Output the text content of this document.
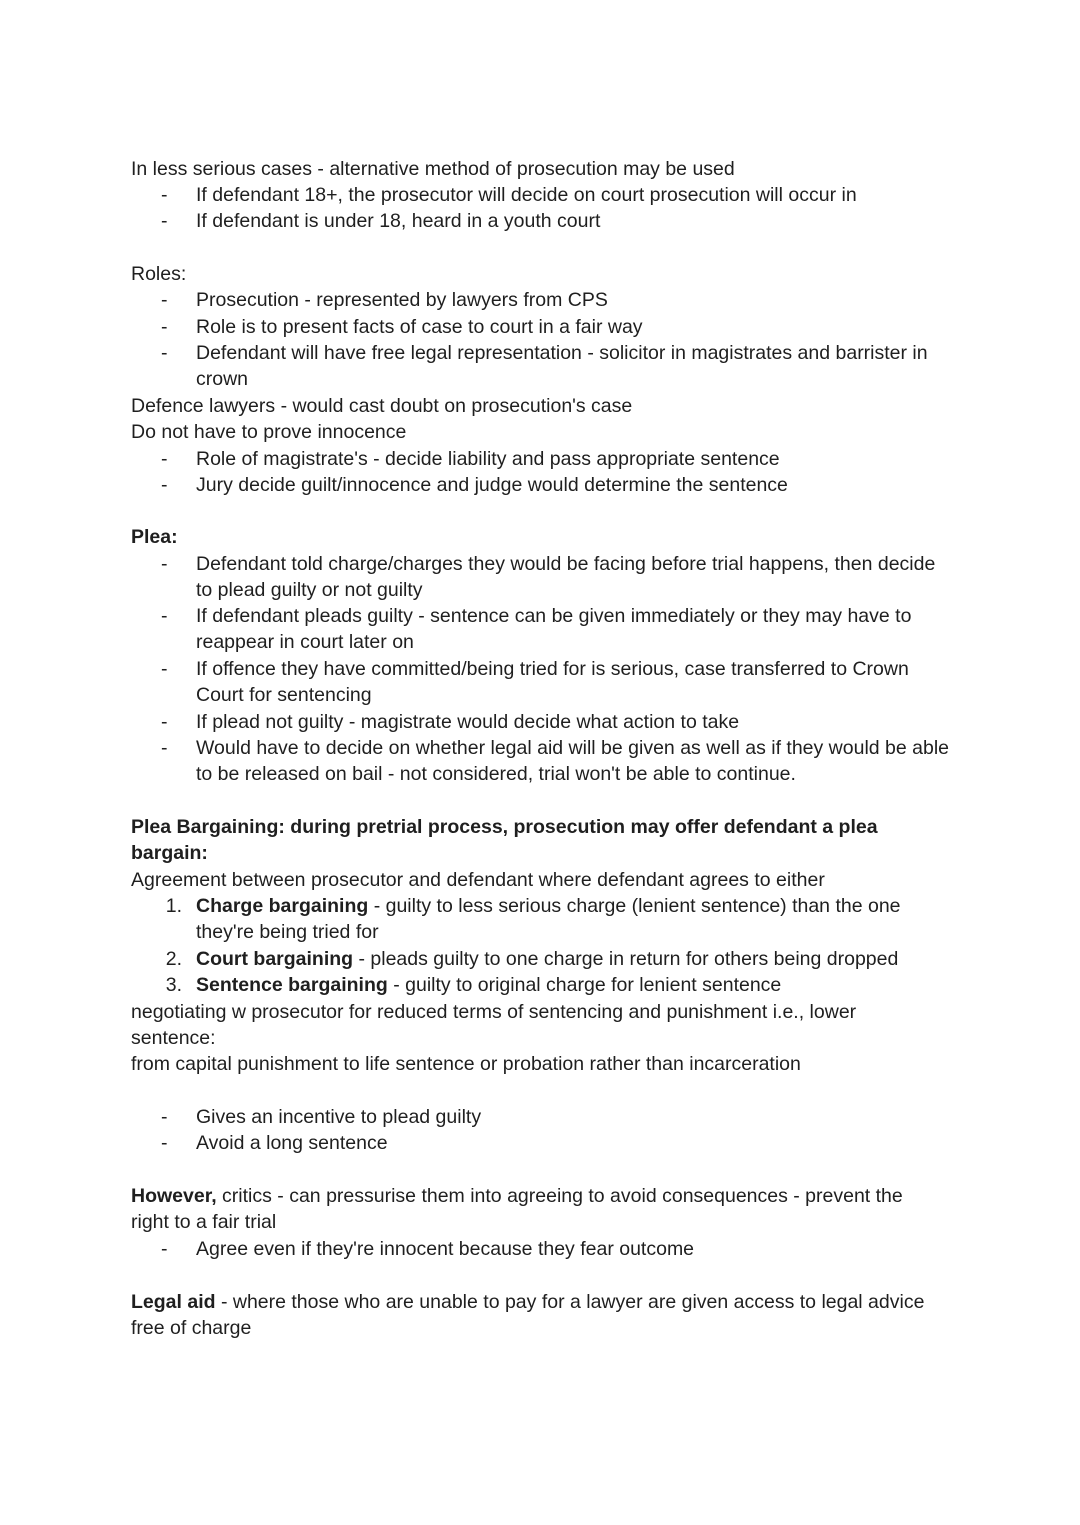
In less serious cases - alternative method of prosecution may be used

- If defendant 18+, the prosecutor will decide on court prosecution will occur in

- If defendant is under 18, heard in a youth court

Roles:

- Prosecution - represented by lawyers from CPS

- Role is to present facts of case to court in a fair way

- Defendant will have free legal representation - solicitor in magistrates and barrister in crown

Defence lawyers - would cast doubt on prosecution's case

Do not have to prove innocence

- Role of magistrate's - decide liability and pass appropriate sentence

- Jury decide guilt/innocence and judge would determine the sentence

Plea:

- Defendant told charge/charges they would be facing before trial happens, then decide to plead guilty or not guilty

- If defendant pleads guilty - sentence can be given immediately or they may have to reappear in court later on

- If offence they have committed/being tried for is serious, case transferred to Crown Court for sentencing

- If plead not guilty - magistrate would decide what action to take

- Would have to decide on whether legal aid will be given as well as if they would be able to be released on bail - not considered, trial won't be able to continue.

Plea Bargaining: during pretrial process, prosecution may offer defendant a plea bargain:

Agreement between prosecutor and defendant where defendant agrees to either

1. Charge bargaining - guilty to less serious charge (lenient sentence) than the one they're being tried for

2. Court bargaining - pleads guilty to one charge in return for others being dropped

3. Sentence bargaining - guilty to original charge for lenient sentence

negotiating w prosecutor for reduced terms of sentencing and punishment i.e., lower sentence:

from capital punishment to life sentence or probation rather than incarceration

- Gives an incentive to plead guilty

- Avoid a long sentence

However, critics - can pressurise them into agreeing to avoid consequences - prevent the right to a fair trial

- Agree even if they're innocent because they fear outcome

Legal aid - where those who are unable to pay for a lawyer are given access to legal advice free of charge
